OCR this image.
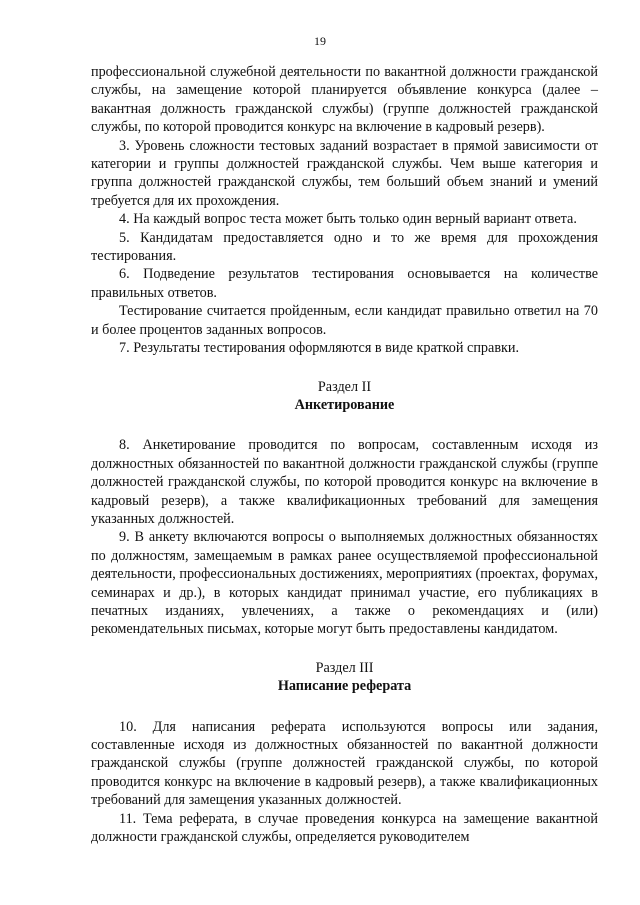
19

профессиональной служебной деятельности по вакантной должности гражданской службы, на замещение которой планируется объявление конкурса (далее – вакантная должность гражданской службы) (группе должностей гражданской службы, по которой проводится конкурс на включение в кадровый резерв).

3. Уровень сложности тестовых заданий возрастает в прямой зависимости от категории и группы должностей гражданской службы. Чем выше категория и группа должностей гражданской службы, тем больший объем знаний и умений требуется для их прохождения.

4. На каждый вопрос теста может быть только один верный вариант ответа.

5. Кандидатам предоставляется одно и то же время для прохождения тестирования.

6. Подведение результатов тестирования основывается на количестве правильных ответов.

Тестирование считается пройденным, если кандидат правильно ответил на 70 и более процентов заданных вопросов.

7. Результаты тестирования оформляются в виде краткой справки.

Раздел II

Анкетирование

8. Анкетирование проводится по вопросам, составленным исходя из должностных обязанностей по вакантной должности гражданской службы (группе должностей гражданской службы, по которой проводится конкурс на включение в кадровый резерв), а также квалификационных требований для замещения указанных должностей.

9. В анкету включаются вопросы о выполняемых должностных обязанностях по должностям, замещаемым в рамках ранее осуществляемой профессиональной деятельности, профессиональных достижениях, мероприятиях (проектах, форумах, семинарах и др.), в которых кандидат принимал участие, его публикациях в печатных изданиях, увлечениях, а также о рекомендациях и (или) рекомендательных письмах, которые могут быть предоставлены кандидатом.

Раздел III

Написание реферата

10. Для написания реферата используются вопросы или задания, составленные исходя из должностных обязанностей по вакантной должности гражданской службы (группе должностей гражданской службы, по которой проводится конкурс на включение в кадровый резерв), а также квалификационных требований для замещения указанных должностей.

11. Тема реферата, в случае проведения конкурса на замещение вакантной должности гражданской службы, определяется руководителем
